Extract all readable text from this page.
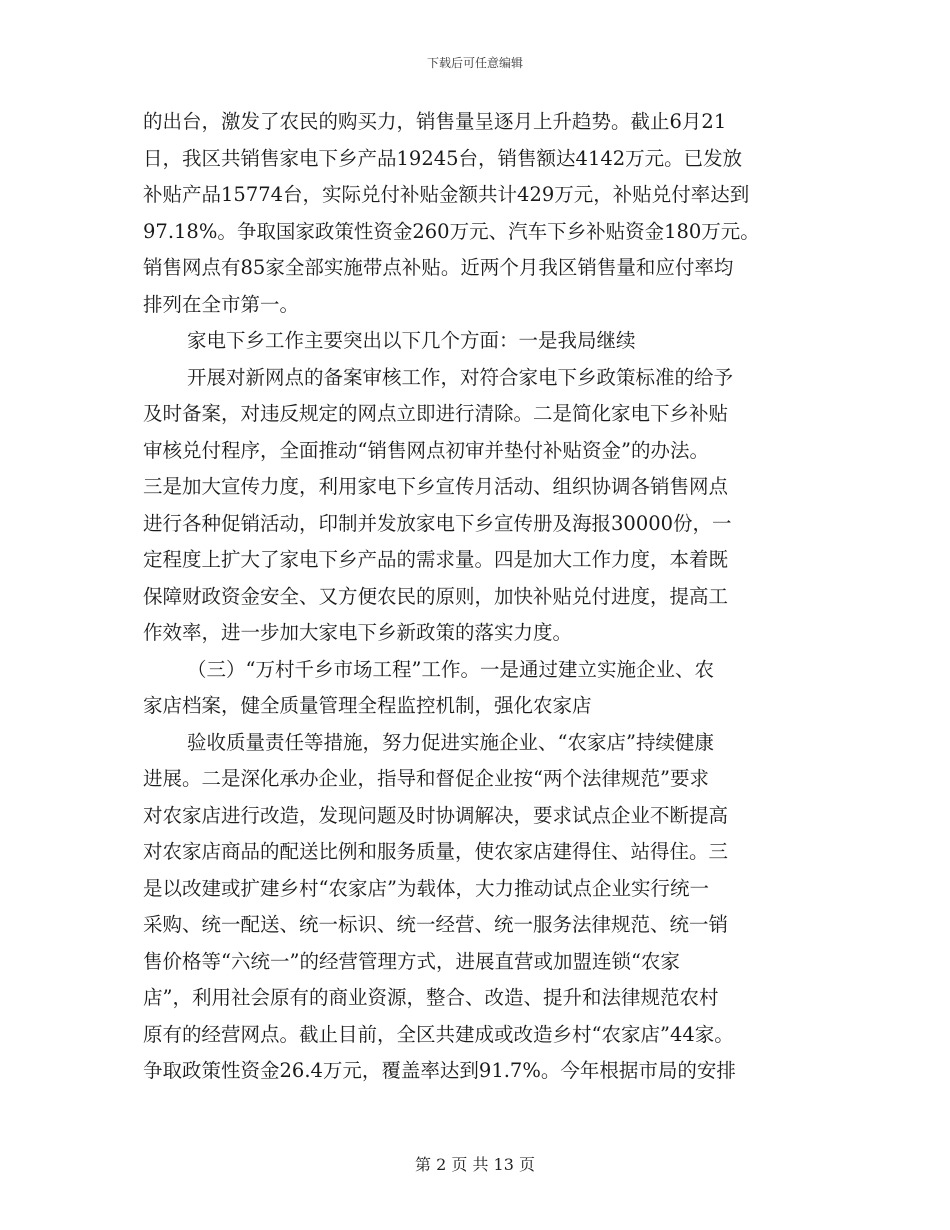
下载后可任意编辑
的出台，激发了农民的购买力，销售量呈逐月上升趋势。截止6月21
日，我区共销售家电下乡产品19245台，销售额达4142万元。已发放
补贴产品15774台，实际兑付补贴金额共计429万元，补贴兑付率达到
97.18%。争取国家政策性资金260万元、汽车下乡补贴资金180万元。
销售网点有85家全部实施带点补贴。近两个月我区销售量和应付率均
排列在全市第一。
家电下乡工作主要突出以下几个方面：一是我局继续
开展对新网点的备案审核工作，对符合家电下乡政策标准的给予
及时备案，对违反规定的网点立即进行清除。二是简化家电下乡补贴
审核兑付程序，全面推动“销售网点初审并垫付补贴资金”的办法。
三是加大宣传力度，利用家电下乡宣传月活动、组织协调各销售网点
进行各种促销活动，印制并发放家电下乡宣传册及海报30000份，一
定程度上扩大了家电下乡产品的需求量。四是加大工作力度，本着既
保障财政资金安全、又方便农民的原则，加快补贴兑付进度，提高工
作效率，进一步加大家电下乡新政策的落实力度。
（三）“万村千乡市场工程”工作。一是通过建立实施企业、农
家店档案，健全质量管理全程监控机制，强化农家店
验收质量责任等措施，努力促进实施企业、“农家店”持续健康
进展。二是深化承办企业，指导和督促企业按“两个法律规范”要求
对农家店进行改造，发现问题及时协调解决，要求试点企业不断提高
对农家店商品的配送比例和服务质量，使农家店建得住、站得住。三
是以改建或扩建乡村“农家店”为载体，大力推动试点企业实行统一
采购、统一配送、统一标识、统一经营、统一服务法律规范、统一销
售价格等“六统一”的经营管理方式，进展直营或加盟连锁“农家
店”，利用社会原有的商业资源，整合、改造、提升和法律规范农村
原有的经营网点。截止目前，全区共建成或改造乡村“农家店”44家。
争取政策性资金26.4万元，覆盖率达到91.7%。今年根据市局的安排
第 2 页 共 13 页
